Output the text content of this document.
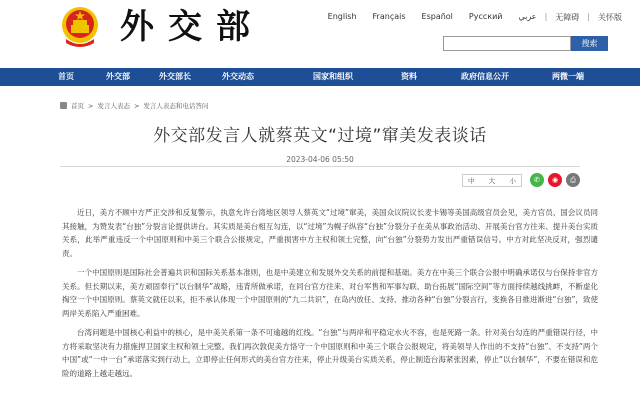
外交部	English	Français	Español	Русский	عربي	|	无障碍	|	关怀版
搜索
首页	外交部	外交部长	外交动态	国家和组织	资料	政府信息公开	两微一端
首页 > 发言人表态 > 发言人表态和电话答问
外交部发言人就蔡英文“过境”窜美发表谈话
2023-04-06 05:50
中 大 小	✆	◉	⎙

近日，美方不顾中方严正交涉和反复警示，执意允许台湾地区领导人蔡英文“过境”窜美，美国众议院议长麦卡锡等美国高级官员会见，美方官员、国会议员同其接触，为赞发表“台独”分裂言论提供讲台。其实质是美台相互勾连，以“过境”为幌子纵容“台独”分裂分子在美从事政治活动、开展美台官方往来、提升美台实质关系，此举严重违反一个中国原则和中美三个联合公报规定，严重损害中方主权和领土完整，向“台独”分裂势力发出严重错误信号。中方对此坚决反对，强烈谴责。

一个中国原则是国际社会普遍共识和国际关系基本准则，也是中美建立和发展外交关系的前提和基础。美方在中美三个联合公报中明确承诺仅与台保持非官方关系。但长期以来，美方顽固奉行“以台制华”战略，违背所做承诺，在同台官方往来、对台军售和军事勾联、助台拓展“国际空间”等方面持续越线挑衅，不断虚化掏空一个中国原则。蔡英文就任以来，拒不承认体现一个中国原则的“九二共识”，在岛内放任、支持、推动各种“台独”分裂言行，变换各目推进渐进“台独”，致使两岸关系陷入严重困难。

台湾问题是中国核心利益中的核心，是中美关系第一条不可逾越的红线。“台独”与两岸和平稳定水火不容，也是死路一条。针对美台勾连的严重错误行径，中方将采取坚决有力措施捍卫国家主权和领土完整。我们再次敦促美方恪守一个中国原则和中美三个联合公报规定，将美领导人作出的不支持“台独”、不支持“两个中国”或“一中一台”承诺落实到行动上，立即停止任何形式的美台官方往来，停止升级美台实质关系，停止制造台海紧张因素，停止“以台制华”，不要在错误和危险的道路上越走越远。
